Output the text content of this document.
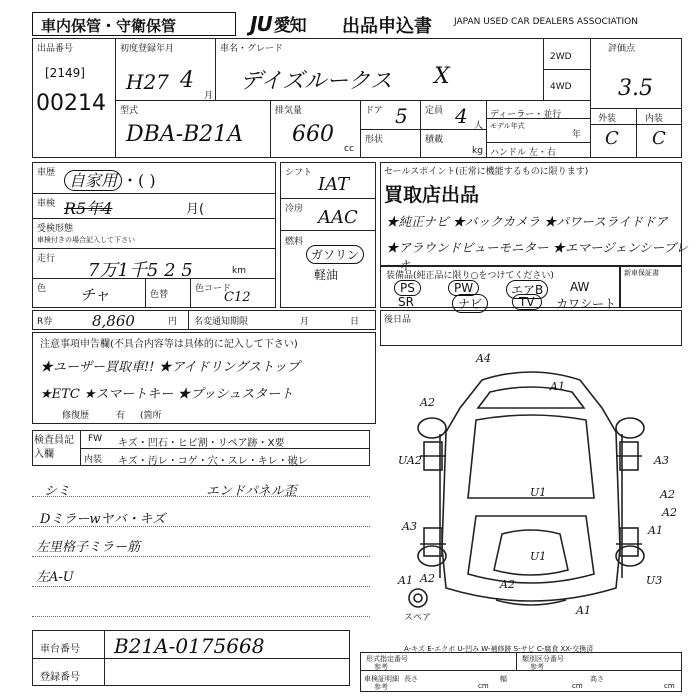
車内保管・守衛保管	JU 愛知 出品申込書 JAPAN USED CAR DEALERS ASSOCIATION
出品番号
[2149]
00214
初度登録年月
H27 4
月
車名・グレード
デイズルークス X
2WD
4WD
評価点
3.5
外装	内装
C C
型式
DBA-B21A
排気量
660
cc
ドア 5
形状
定員 4 人
積載
kg
ディーラー・並行
モデル年式
年
ハンドル 左・右
車歴 自家用 ・( )
車検 R5年4	月(
受検形態
車検付きの場合記入して下さい
走行
7万1千5 2 5	km
色 チャ	色替
色コード
C12
シフト
IAT
冷房 AAC
燃料
ガソリン
軽油
セールスポイント(正常に機能するものに限ります)
買取店出品
★純正ナビ ★バックカメラ ★パワースライドドア
★アラウンドビューモニター ★エマージェンシーブレーキ
装備品(純正品に限り○をつけてください)
PS	PW	エアB	AW
SR	ナビ	TV	カワシート
新車保証書
R券	8,860	円 名変通知期限	月	日	後日品
注意事項申告欄(不具合内容等は具体的に記入して下さい)
★ユーザー買取車!! ★アイドリングストップ
★ETC ★スマートキー ★プッシュスタート
修復歴	有 (箇所
検査員記入欄
FW キズ・凹石・ヒビ割・リペア跡・X要
内装 キズ・汚レ・コゲ・穴・スレ・キレ・破レ
シミ	エンドパネル歪
Dミラーwヤバ・キズ
左里格子ミラー筋
左A-U
車台番号 B21A-0175668
登録番号
A4
A2
A1
UA2	A3
A2
A2
A1
U1
A3
A1	U3
A2	A2
A1
U1
スペア
A-キズ E-エクボ U-凹み W-補修跡 S-サビ C-腐食 XX-交換済
形式指定番号
参考
類別区分番号
参考
車検証明細
参考
長さ
cm
幅
cm
高さ
cm
